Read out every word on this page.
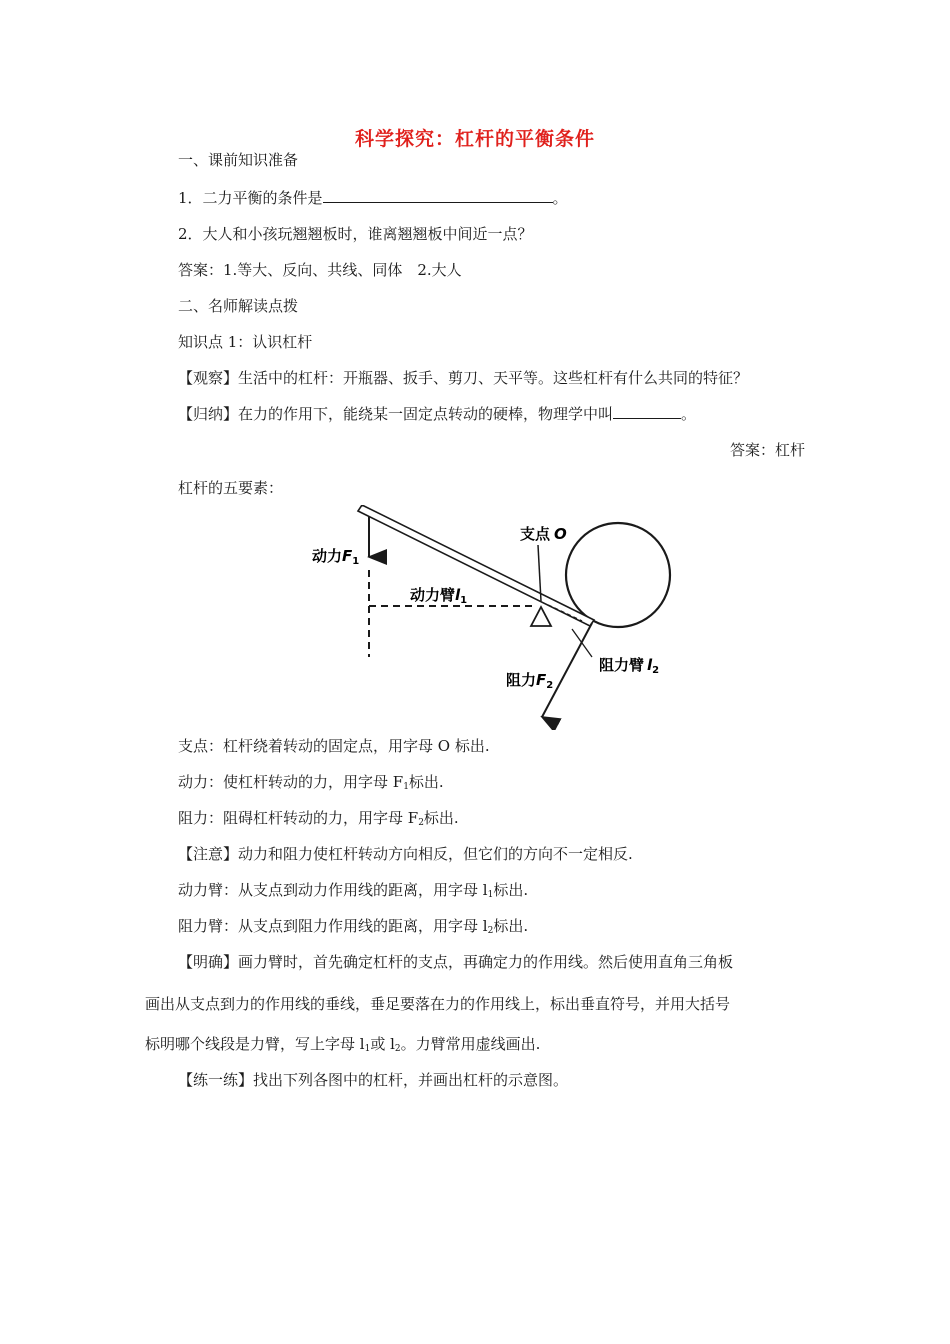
科学探究：杠杆的平衡条件
一、课前知识准备
1．二力平衡的条件是	。
2．大人和小孩玩翘翘板时，谁离翘翘板中间近一点？
答案：1.等大、反向、共线、同体　2.大人
二、名师解读点拨
知识点 1：认识杠杆
【观察】生活中的杠杆：开瓶器、扳手、剪刀、天平等。这些杠杆有什么共同的特征？
【归纳】在力的作用下，能绕某一固定点转动的硬棒，物理学中叫	。
答案：杠杆
杠杆的五要素：
动力$F_1$
动力臂$l_1$
支点 O
阻力臂 $l_2$
阻力$F_2$
支点：杠杆绕着转动的固定点，用字母 O 标出.
动力：使杠杆转动的力，用字母 $F_1$标出.
阻力：阻碍杠杆转动的力，用字母 $F_2$标出.
【注意】动力和阻力使杠杆转动方向相反，但它们的方向不一定相反.
动力臂：从支点到动力作用线的距离，用字母 $l_1$标出.
阻力臂：从支点到阻力作用线的距离，用字母 $l_2$标出.
【明确】画力臂时，首先确定杠杆的支点，再确定力的作用线。然后使用直角三角板
画出从支点到力的作用线的垂线，垂足要落在力的作用线上，标出垂直符号，并用大括号
标明哪个线段是力臂，写上字母 $l_1$或 $l_2$。力臂常用虚线画出.
【练一练】找出下列各图中的杠杆，并画出杠杆的示意图。
